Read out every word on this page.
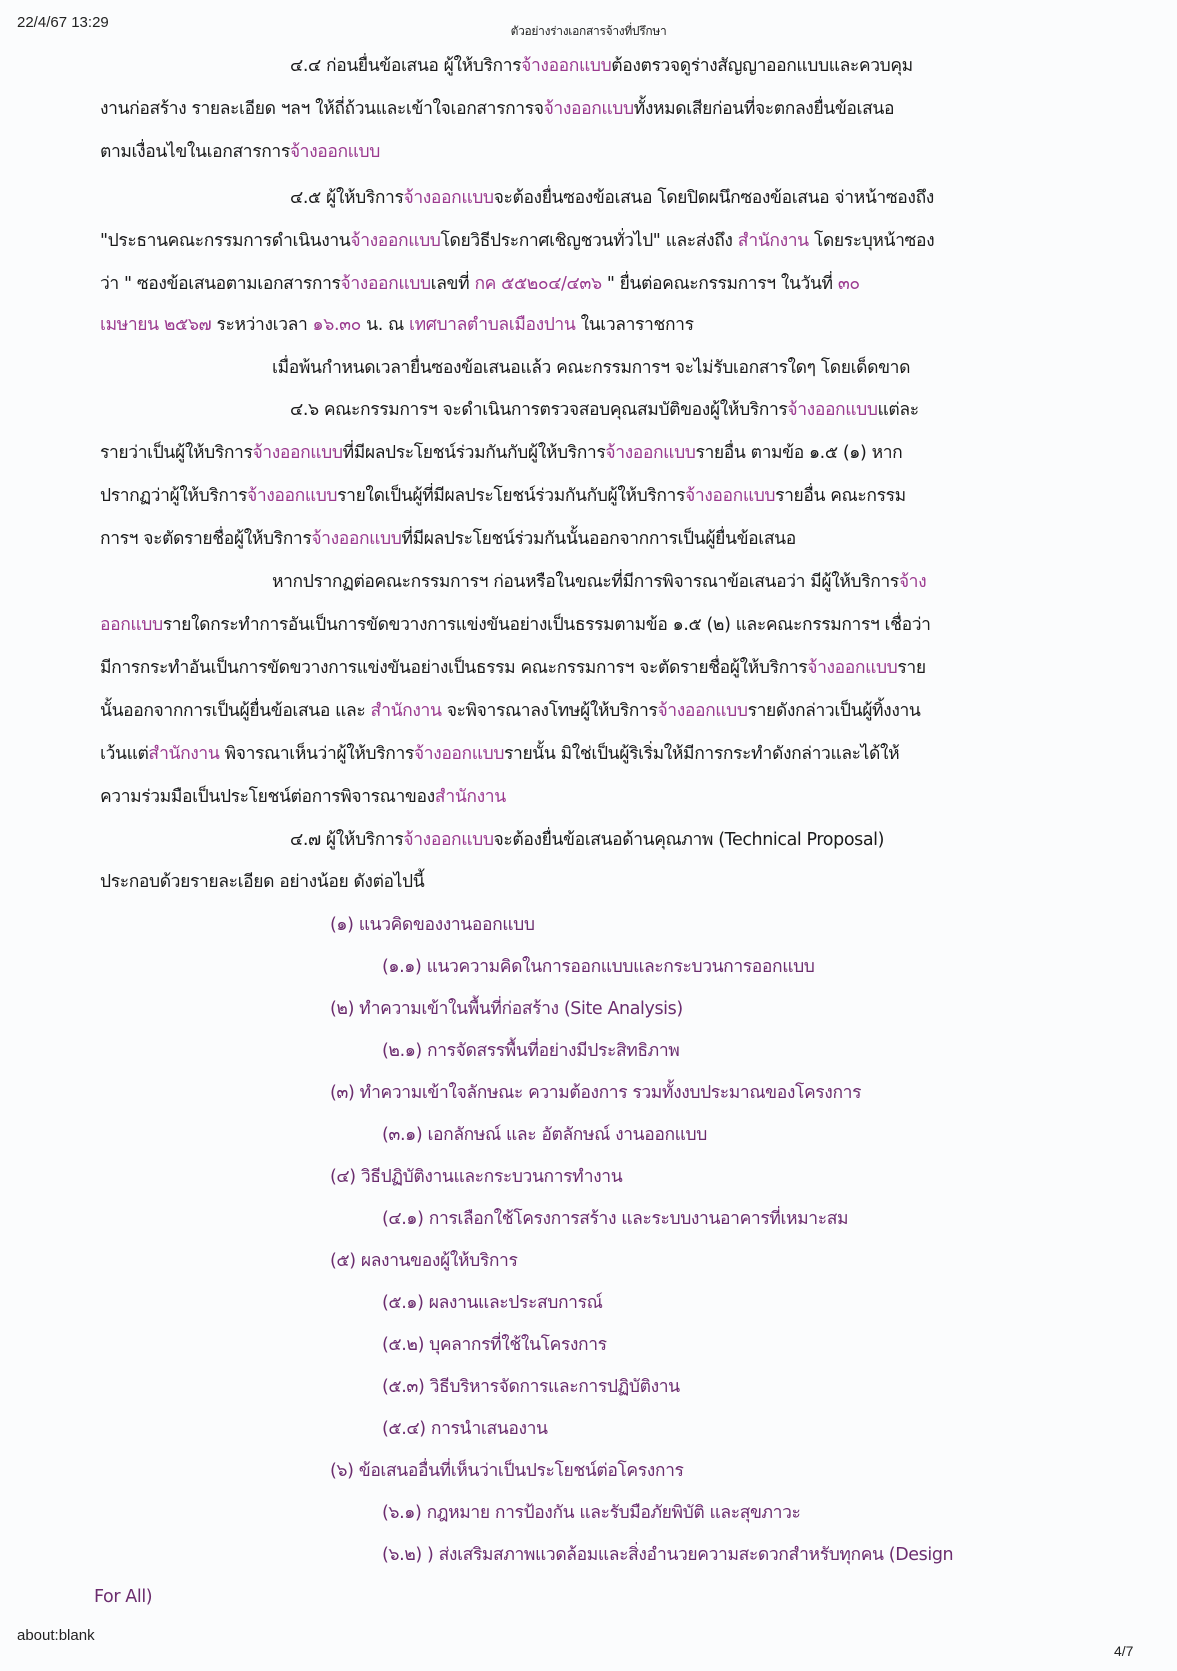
22/4/67 13:29	ตัวอย่างร่างเอกสารจ้างที่ปรึกษา
๔.๔ ก่อนยื่นข้อเสนอ ผู้ให้บริการจ้างออกแบบต้องตรวจดูร่างสัญญาออกแบบและควบคุม
งานก่อสร้าง รายละเอียด ฯลฯ ให้ถี่ถ้วนและเข้าใจเอกสารการจจ้างออกแบบทั้งหมดเสียก่อนที่จะตกลงยื่นข้อเสนอ
ตามเงื่อนไขในเอกสารการจ้างออกแบบ
๔.๕ ผู้ให้บริการจ้างออกแบบจะต้องยื่นซองข้อเสนอ โดยปิดผนึกซองข้อเสนอ จ่าหน้าซองถึง
"ประธานคณะกรรมการดำเนินงานจ้างออกแบบโดยวิธีประกาศเชิญชวนทั่วไป" และส่งถึง สำนักงาน โดยระบุหน้าซอง
ว่า " ซองข้อเสนอตามเอกสารการจ้างออกแบบเลขที่ กค ๕๕๒๐๔/๔๓๖ " ยื่นต่อคณะกรรมการฯ ในวันที่ ๓๐
เมษายน ๒๕๖๗ ระหว่างเวลา ๑๖.๓๐ น. ณ เทศบาลตำบลเมืองปาน ในเวลาราชการ
เมื่อพ้นกำหนดเวลายื่นซองข้อเสนอแล้ว คณะกรรมการฯ จะไม่รับเอกสารใดๆ โดยเด็ดขาด
๔.๖ คณะกรรมการฯ จะดำเนินการตรวจสอบคุณสมบัติของผู้ให้บริการจ้างออกแบบแต่ละ
รายว่าเป็นผู้ให้บริการจ้างออกแบบที่มีผลประโยชน์ร่วมกันกับผู้ให้บริการจ้างออกแบบรายอื่น ตามข้อ ๑.๕ (๑) หาก
ปรากฏว่าผู้ให้บริการจ้างออกแบบรายใดเป็นผู้ที่มีผลประโยชน์ร่วมกันกับผู้ให้บริการจ้างออกแบบรายอื่น คณะกรรม
การฯ จะตัดรายชื่อผู้ให้บริการจ้างออกแบบที่มีผลประโยชน์ร่วมกันนั้นออกจากการเป็นผู้ยื่นข้อเสนอ
หากปรากฏต่อคณะกรรมการฯ ก่อนหรือในขณะที่มีการพิจารณาข้อเสนอว่า มีผู้ให้บริการจ้าง
ออกแบบรายใดกระทำการอันเป็นการขัดขวางการแข่งขันอย่างเป็นธรรมตามข้อ ๑.๕ (๒) และคณะกรรมการฯ เชื่อว่า
มีการกระทำอันเป็นการขัดขวางการแข่งขันอย่างเป็นธรรม คณะกรรมการฯ จะตัดรายชื่อผู้ให้บริการจ้างออกแบบราย
นั้นออกจากการเป็นผู้ยื่นข้อเสนอ และ สำนักงาน จะพิจารณาลงโทษผู้ให้บริการจ้างออกแบบรายดังกล่าวเป็นผู้ทิ้งงาน
เว้นแต่สำนักงาน พิจารณาเห็นว่าผู้ให้บริการจ้างออกแบบรายนั้น มิใช่เป็นผู้ริเริ่มให้มีการกระทำดังกล่าวและได้ให้
ความร่วมมือเป็นประโยชน์ต่อการพิจารณาของสำนักงาน
๔.๗ ผู้ให้บริการจ้างออกแบบจะต้องยื่นข้อเสนอด้านคุณภาพ (Technical Proposal)
ประกอบด้วยรายละเอียด อย่างน้อย ดังต่อไปนี้
(๑) แนวคิดของงานออกแบบ
(๑.๑) แนวความคิดในการออกแบบและกระบวนการออกแบบ
(๒) ทำความเข้าในพื้นที่ก่อสร้าง (Site Analysis)
(๒.๑) การจัดสรรพื้นที่อย่างมีประสิทธิภาพ
(๓) ทำความเข้าใจลักษณะ ความต้องการ รวมทั้งงบประมาณของโครงการ
(๓.๑) เอกลักษณ์ และ อัตลักษณ์ งานออกแบบ
(๔) วิธีปฏิบัติงานและกระบวนการทำงาน
(๔.๑) การเลือกใช้โครงการสร้าง และระบบงานอาคารที่เหมาะสม
(๕) ผลงานของผู้ให้บริการ
(๕.๑) ผลงานและประสบการณ์
(๕.๒) บุคลากรที่ใช้ในโครงการ
(๕.๓) วิธีบริหารจัดการและการปฏิบัติงาน
(๕.๔) การนำเสนองาน
(๖) ข้อเสนออื่นที่เห็นว่าเป็นประโยชน์ต่อโครงการ
(๖.๑) กฎหมาย การป้องกัน และรับมือภัยพิบัติ และสุขภาวะ
(๖.๒) ) ส่งเสริมสภาพแวดล้อมและสิ่งอำนวยความสะดวกสำหรับทุกคน (Design
For All)
about:blank
4/7
